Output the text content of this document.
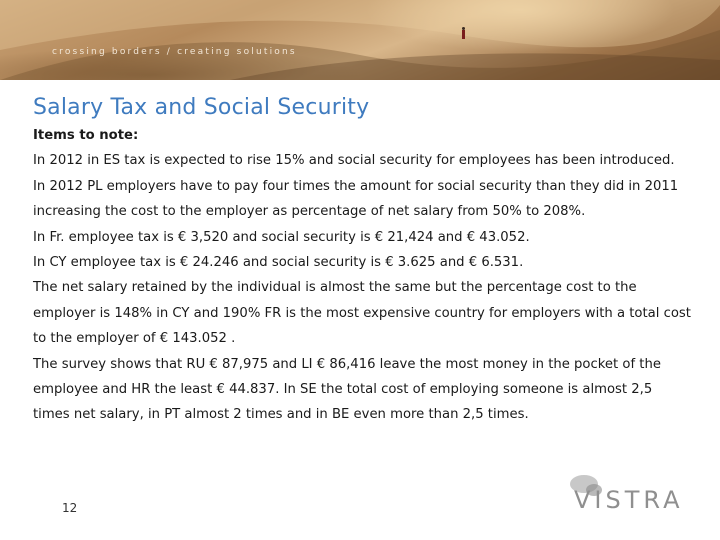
crossing borders / creating solutions
Salary Tax and Social Security

Items to note:

In 2012 in ES tax is expected to rise 15% and social security for employees has been introduced.

In 2012 PL employers have to pay four times the amount for social security than they did in 2011 increasing the cost to the employer as percentage of net salary from 50% to 208%.

In Fr. employee tax is € 3,520 and social security is € 21,424 and € 43.052.

In CY employee tax is € 24.246 and social security is € 3.625 and € 6.531.

The net salary retained by the individual is almost the same but the percentage cost to the employer is 148% in CY and 190% FR is the most expensive country for employers with a total cost to the employer of € 143.052 .

The survey shows that RU € 87,975 and LI € 86,416 leave the most money in the pocket of the employee and HR the least € 44.837. In SE the total cost of employing someone is almost 2,5 times net salary, in PT almost 2 times and in BE even more than 2,5 times.

12	VISTRA
